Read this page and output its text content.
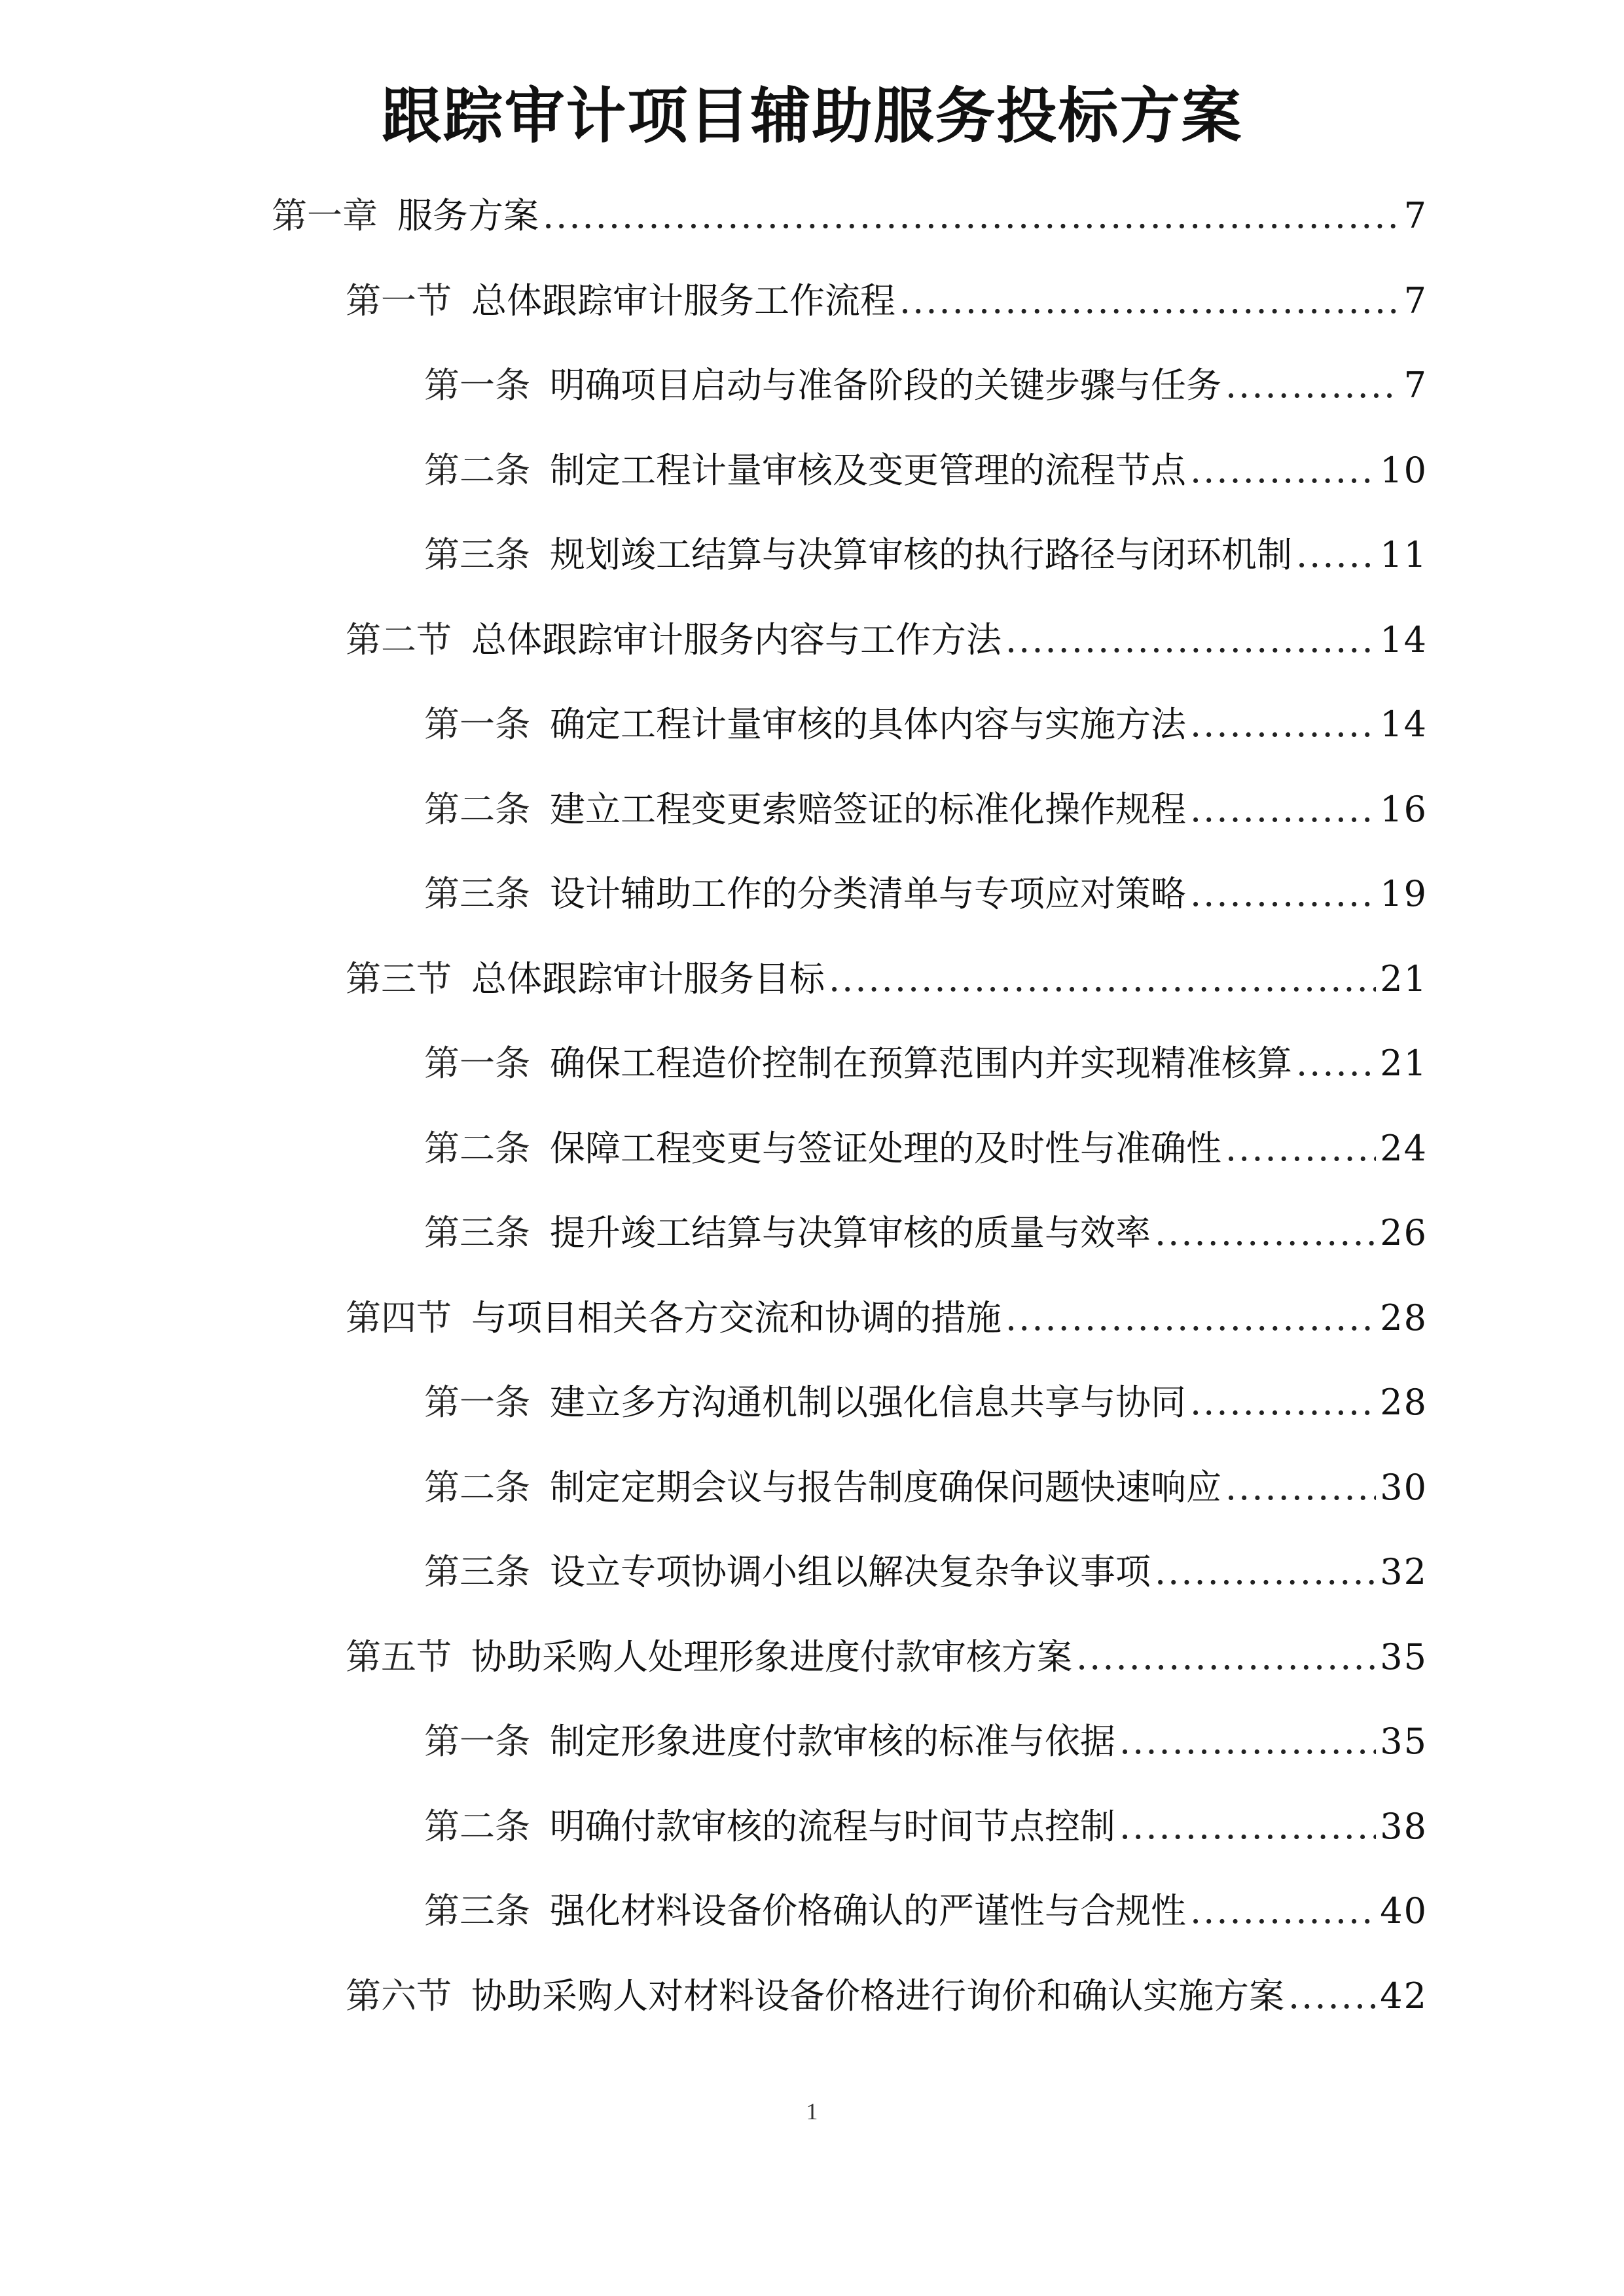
跟踪审计项目辅助服务投标方案
第一章 服务方案 .....	7
第一节 总体跟踪审计服务工作流程 .....	7
第一条 明确项目启动与准备阶段的关键步骤与任务 .....	7
第二条 制定工程计量审核及变更管理的流程节点 .....	10
第三条 规划竣工结算与决算审核的执行路径与闭环机制 ..... 11
第二节 总体跟踪审计服务内容与工作方法 .....	14
第一条 确定工程计量审核的具体内容与实施方法 .....	14
第二条 建立工程变更索赔签证的标准化操作规程 .....	16
第三条 设计辅助工作的分类清单与专项应对策略 .....	19
第三节 总体跟踪审计服务目标 .....	21
第一条 确保工程造价控制在预算范围内并实现精准核算 ..... 21
第二条 保障工程变更与签证处理的及时性与准确性 .....	24
第三条 提升竣工结算与决算审核的质量与效率 .....	26
第四节 与项目相关各方交流和协调的措施 .....	28
第一条 建立多方沟通机制以强化信息共享与协同 .....	28
第二条 制定定期会议与报告制度确保问题快速响应 .....	30
第三条 设立专项协调小组以解决复杂争议事项 .....	32
第五节 协助采购人处理形象进度付款审核方案 .....	35
第一条 制定形象进度付款审核的标准与依据 .....	35
第二条 明确付款审核的流程与时间节点控制 .....	38
第三条 强化材料设备价格确认的严谨性与合规性 .....	40
第六节 协助采购人对材料设备价格进行询价和确认实施方案 .....	42
1
